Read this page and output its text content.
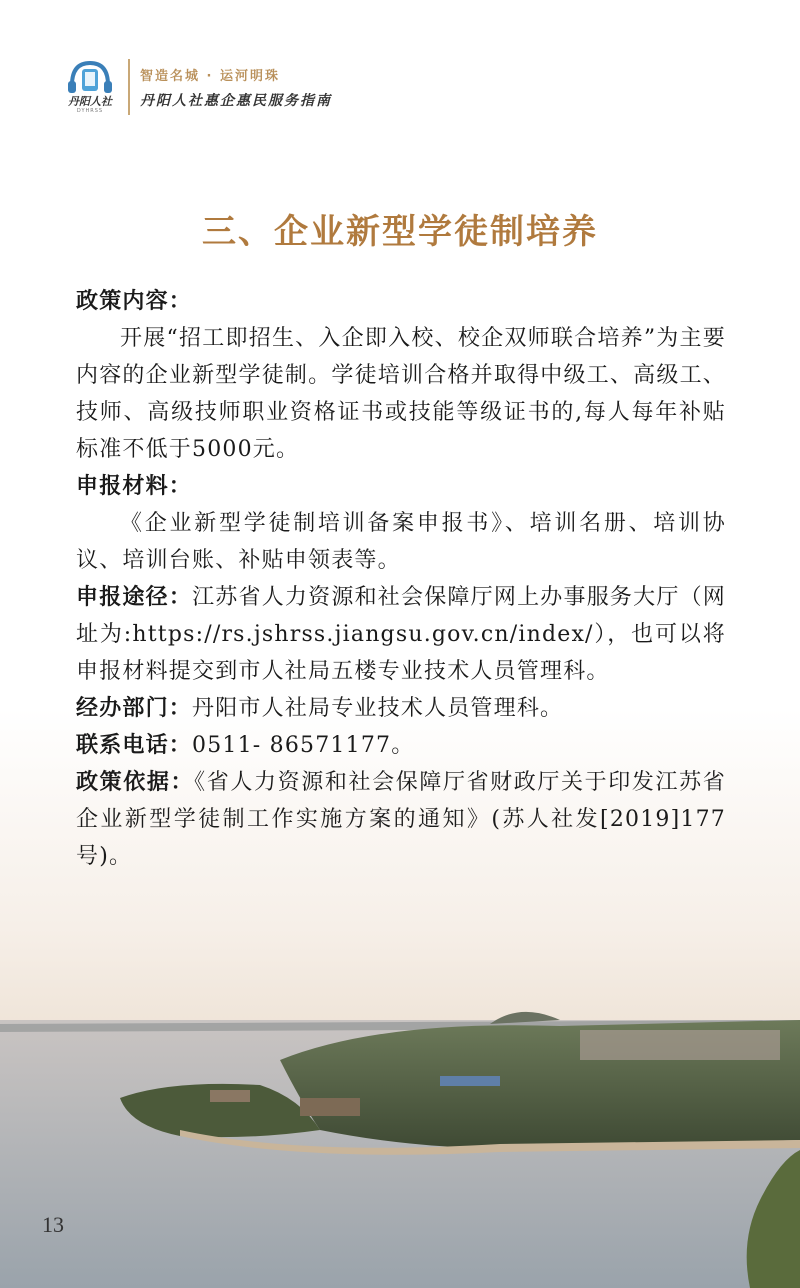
丹阳人社
DYHRSS
智造名城 · 运河明珠
丹阳人社惠企惠民服务指南
三、企业新型学徒制培养
政策内容：
开展“招工即招生、入企即入校、校企双师联合培养”为主要内容的企业新型学徒制。学徒培训合格并取得中级工、高级工、技师、高级技师职业资格证书或技能等级证书的,每人每年补贴标准不低于5000元。
申报材料：
《企业新型学徒制培训备案申报书》、培训名册、培训协议、培训台账、补贴申领表等。
申报途径：江苏省人力资源和社会保障厅网上办事服务大厅（网址为:https://rs.jshrss.jiangsu.gov.cn/index/），也可以将申报材料提交到市人社局五楼专业技术人员管理科。
经办部门：丹阳市人社局专业技术人员管理科。
联系电话：0511- 86571177。
政策依据：《省人力资源和社会保障厅省财政厅关于印发江苏省企业新型学徒制工作实施方案的通知》(苏人社发[2019]177号)。
13
